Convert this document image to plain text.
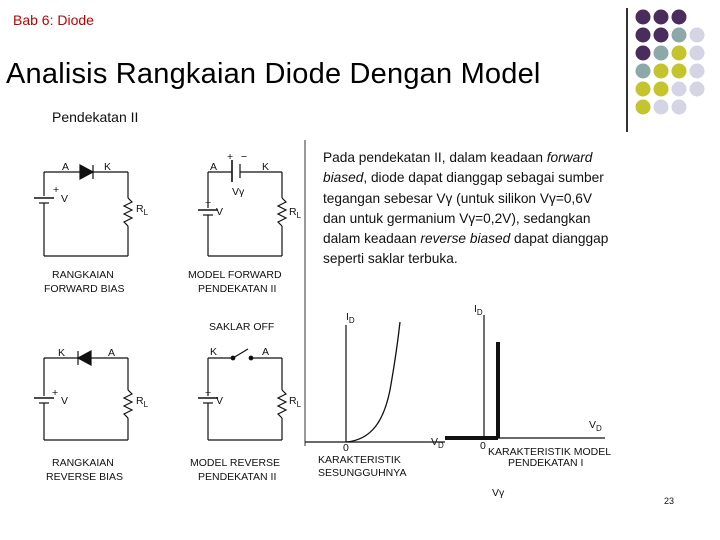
Bab 6: Diode
Analisis Rangkaian Diode Dengan Model
Pendekatan II
A	K
+
V
$R_L$
RANGKAIAN
FORWARD BIAS
A
+ −
K
Vγ
+
V	$R_L$
MODEL FORWARD
PENDEKATAN II
K	A
+
V	$R_L$
RANGKAIAN
REVERSE BIAS
SAKLAR OFF
K	A
+
V	$R_L$
MODEL REVERSE
PENDEKATAN II
$I_D$
0	$V_D$
KARAKTERISTIK
SESUNGGUHNYA
$I_D$
0
$V_D$
KARAKTERISTIK MODEL
PENDEKATAN I
Vγ
Pada pendekatan II, dalam keadaan forward biased, diode dapat dianggap sebagai sumber tegangan sebesar Vγ (untuk silikon Vγ=0,6V dan untuk germanium Vγ=0,2V), sedangkan dalam keadaan reverse biased dapat dianggap seperti saklar terbuka.
23
